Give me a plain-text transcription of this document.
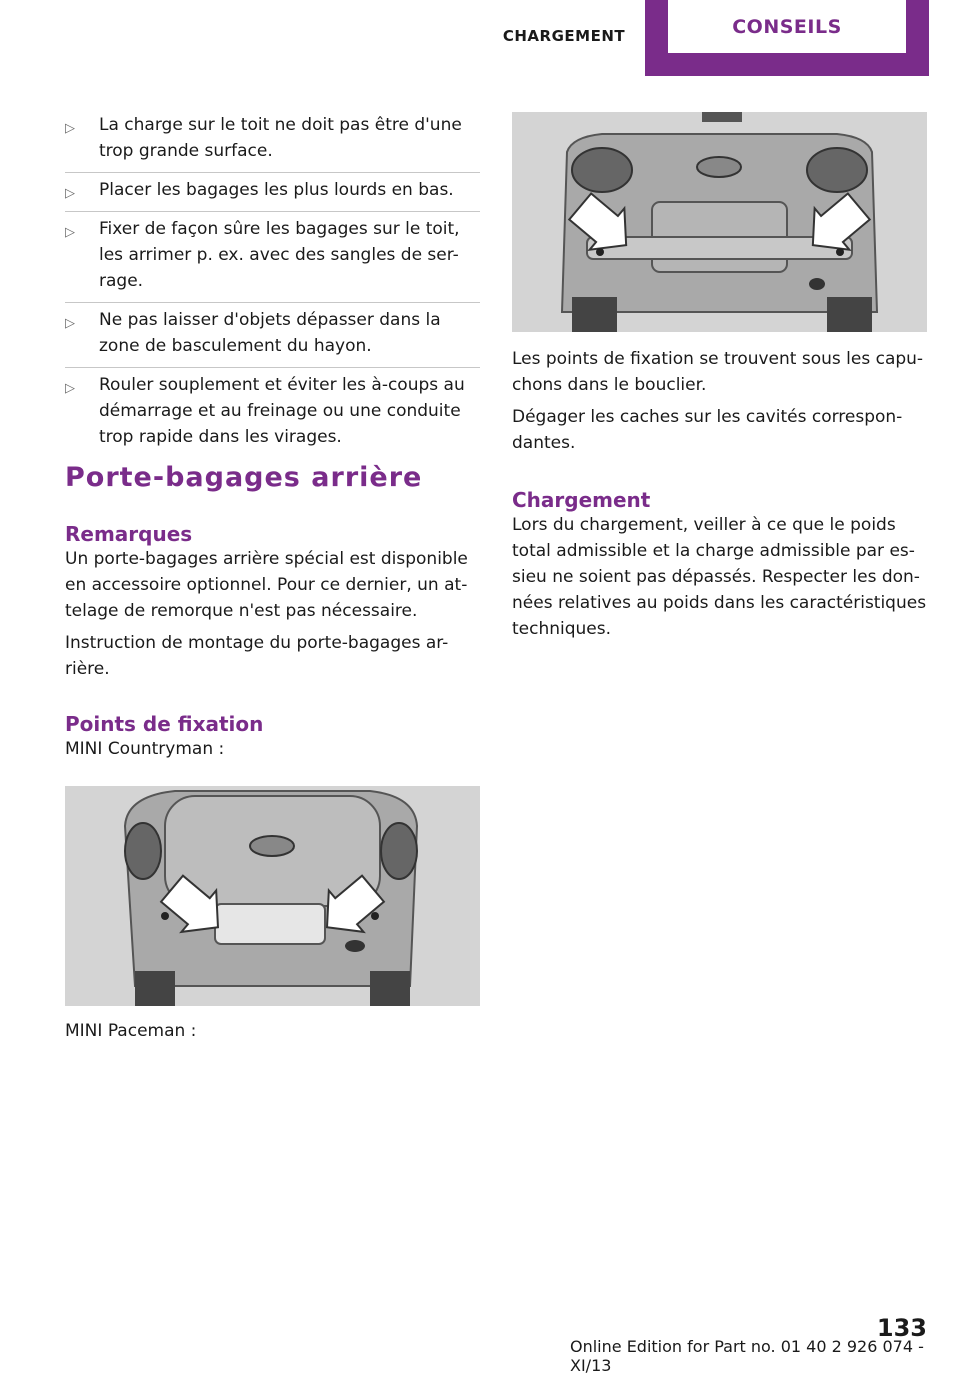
CHARGEMENT	CONSEILS
▷ La charge sur le toit ne doit pas être d'une trop grande surface.
▷ Placer les bagages les plus lourds en bas.
▷ Fixer de façon sûre les bagages sur le toit, les arrimer p. ex. avec des sangles de ser-rage.
▷ Ne pas laisser d'objets dépasser dans la zone de basculement du hayon.
▷ Rouler souplement et éviter les à-coups au démarrage et au freinage ou une conduite trop rapide dans les virages.
Porte-bagages arrière
Remarques

Un porte-bagages arrière spécial est disponible en accessoire optionnel. Pour ce dernier, un at-telage de remorque n'est pas nécessaire.

Instruction de montage du porte-bagages ar-rière.

Points de fixation

MINI Countryman :

MINI Paceman :

Les points de fixation se trouvent sous les capu-chons dans le bouclier.

Dégager les caches sur les cavités correspon-dantes.

Chargement

Lors du chargement, veiller à ce que le poids total admissible et la charge admissible par es-sieu ne soient pas dépassés. Respecter les don-nées relatives au poids dans les caractéristiques techniques.

133
Online Edition for Part no. 01 40 2 926 074 - XI/13
